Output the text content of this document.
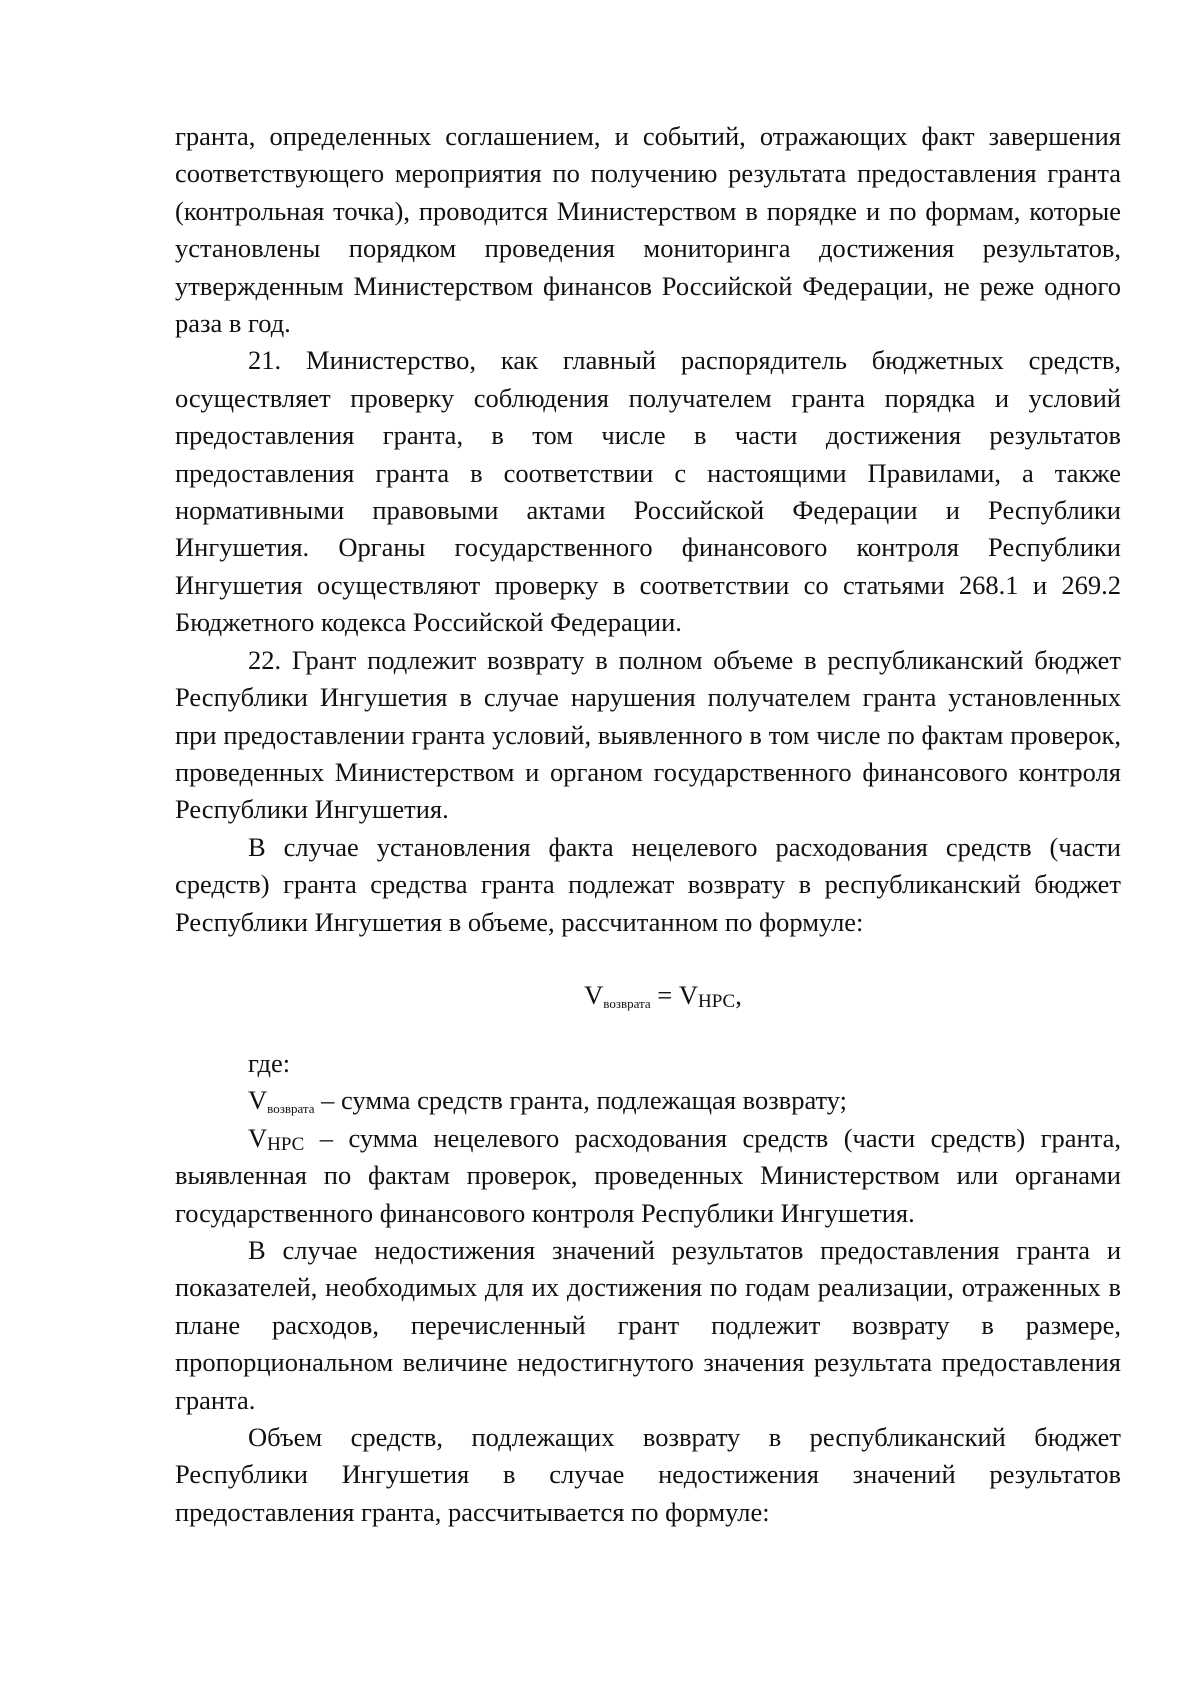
гранта, определенных соглашением, и событий, отражающих факт завершения соответствующего мероприятия по получению результата предоставления гранта (контрольная точка), проводится Министерством в порядке и по формам, которые установлены порядком проведения мониторинга достижения результатов, утвержденным Министерством финансов Российской Федерации, не реже одного раза в год.

21. Министерство, как главный распорядитель бюджетных средств, осуществляет проверку соблюдения получателем гранта порядка и условий предоставления гранта, в том числе в части достижения результатов предоставления гранта в соответствии с настоящими Правилами, а также нормативными правовыми актами Российской Федерации и Республики Ингушетия. Органы государственного финансового контроля Республики Ингушетия осуществляют проверку в соответствии со статьями 268.1 и 269.2 Бюджетного кодекса Российской Федерации.

22. Грант подлежит возврату в полном объеме в республиканский бюджет Республики Ингушетия в случае нарушения получателем гранта установленных при предоставлении гранта условий, выявленного в том числе по фактам проверок, проведенных Министерством и органом государственного финансового контроля Республики Ингушетия.

В случае установления факта нецелевого расходования средств (части средств) гранта средства гранта подлежат возврату в республиканский бюджет Республики Ингушетия в объеме, рассчитанном по формуле:

$V_{возврата}$ = VНРС,

где:

$V_{возврата}$ – сумма средств гранта, подлежащая возврату;

VНРС – сумма нецелевого расходования средств (части средств) гранта, выявленная по фактам проверок, проведенных Министерством или органами государственного финансового контроля Республики Ингушетия.

В случае недостижения значений результатов предоставления гранта и показателей, необходимых для их достижения по годам реализации, отраженных в плане расходов, перечисленный грант подлежит возврату в размере, пропорциональном величине недостигнутого значения результата предоставления гранта.

Объем средств, подлежащих возврату в республиканский бюджет Республики Ингушетия в случае недостижения значений результатов предоставления гранта, рассчитывается по формуле:
